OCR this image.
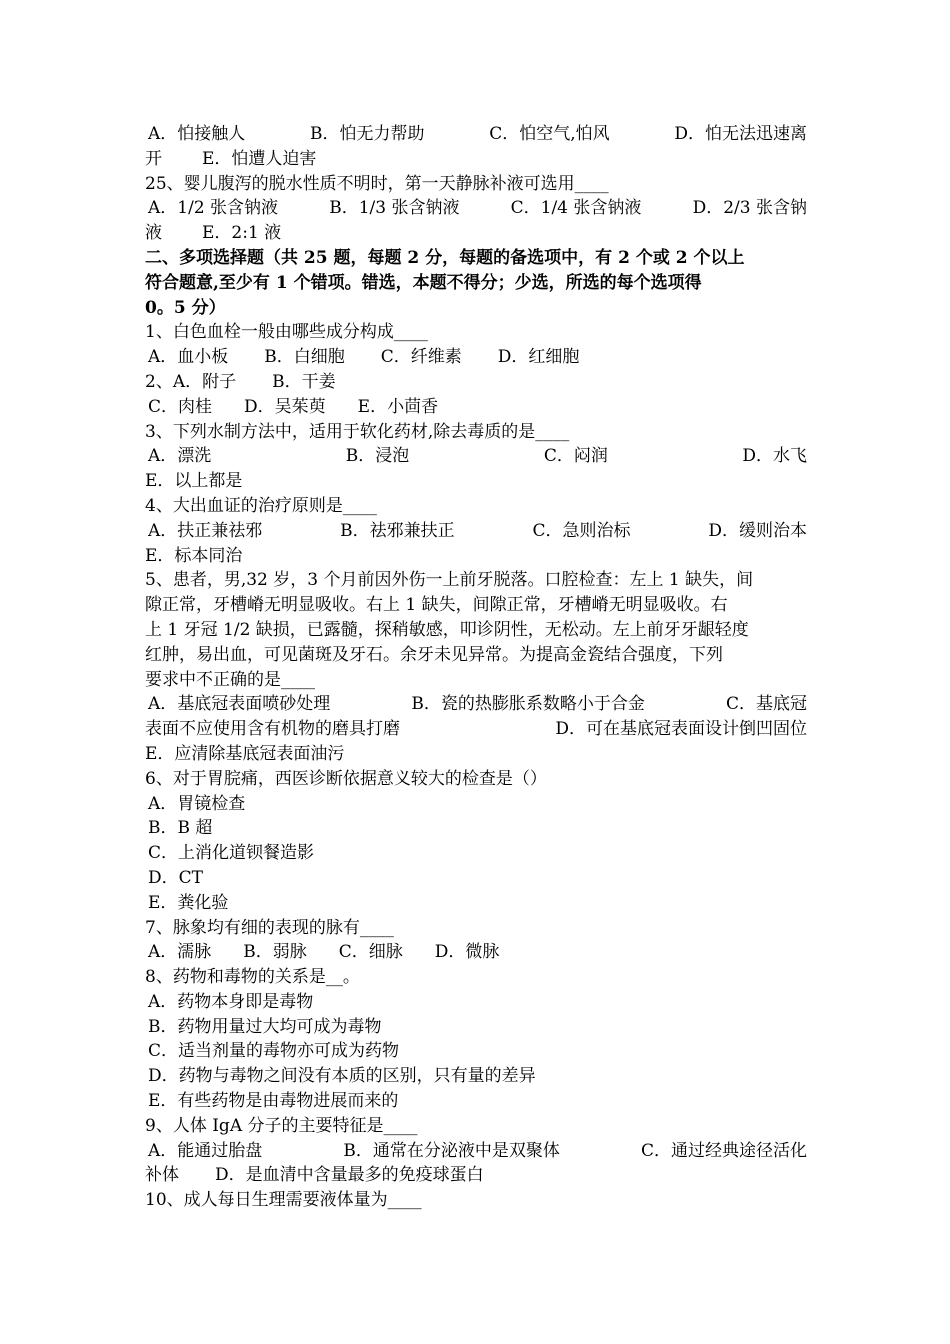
A．怕接触人	B．怕无力帮助	C．怕空气,怕风	D．怕无法迅速离
开 E．怕遭人迫害
25、婴儿腹泻的脱水性质不明时，第一天静脉补液可选用____
A．1/2 张含钠液	B．1/3 张含钠液	C．1/4 张含钠液	D．2/3 张含钠
液 E．2:1 液
二、多项选择题（共 25 题，每题 2 分，每题的备选项中，有 2 个或 2 个以上
符合题意,至少有 1 个错项。错选，本题不得分；少选，所选的每个选项得
0。5 分）
1、白色血栓一般由哪些成分构成____
A．血小板 B．白细胞 C．纤维素 D．红细胞
2、A．附子 B．干姜
C．肉桂 D．吴茱萸 E．小茴香
3、下列水制方法中，适用于软化药材,除去毒质的是____
A．漂洗	B．浸泡	C．闷润	D．水飞
E．以上都是
4、大出血证的治疗原则是____
A．扶正兼祛邪	B．祛邪兼扶正	C．急则治标	D．缓则治本
E．标本同治
5、患者，男,32 岁，3 个月前因外伤一上前牙脱落。口腔检查：左上 1 缺失，间
隙正常，牙槽嵴无明显吸收。右上 1 缺失，间隙正常，牙槽嵴无明显吸收。右
上 1 牙冠 1/2 缺损，已露髓，探稍敏感，叩诊阴性，无松动。左上前牙牙龈轻度
红肿，易出血，可见菌斑及牙石。余牙未见异常。为提高金瓷结合强度，下列
要求中不正确的是____
A．基底冠表面喷砂处理	B．瓷的热膨胀系数略小于合金	C．基底冠
表面不应使用含有机物的磨具打磨	D．可在基底冠表面设计倒凹固位
E．应清除基底冠表面油污
6、对于胃脘痛，西医诊断依据意义较大的检查是（）
A．胃镜检查
B．B 超
C．上消化道钡餐造影
D．CT
E．粪化验
7、脉象均有细的表现的脉有____
A．濡脉 B．弱脉 C．细脉 D．微脉
8、药物和毒物的关系是__。
A．药物本身即是毒物
B．药物用量过大均可成为毒物
C．适当剂量的毒物亦可成为药物
D．药物与毒物之间没有本质的区别，只有量的差异
E．有些药物是由毒物进展而来的
9、人体 IgA 分子的主要特征是____
A．能通过胎盘	B．通常在分泌液中是双聚体	C．通过经典途径活化
补体 D．是血清中含量最多的免疫球蛋白
10、成人每日生理需要液体量为____
